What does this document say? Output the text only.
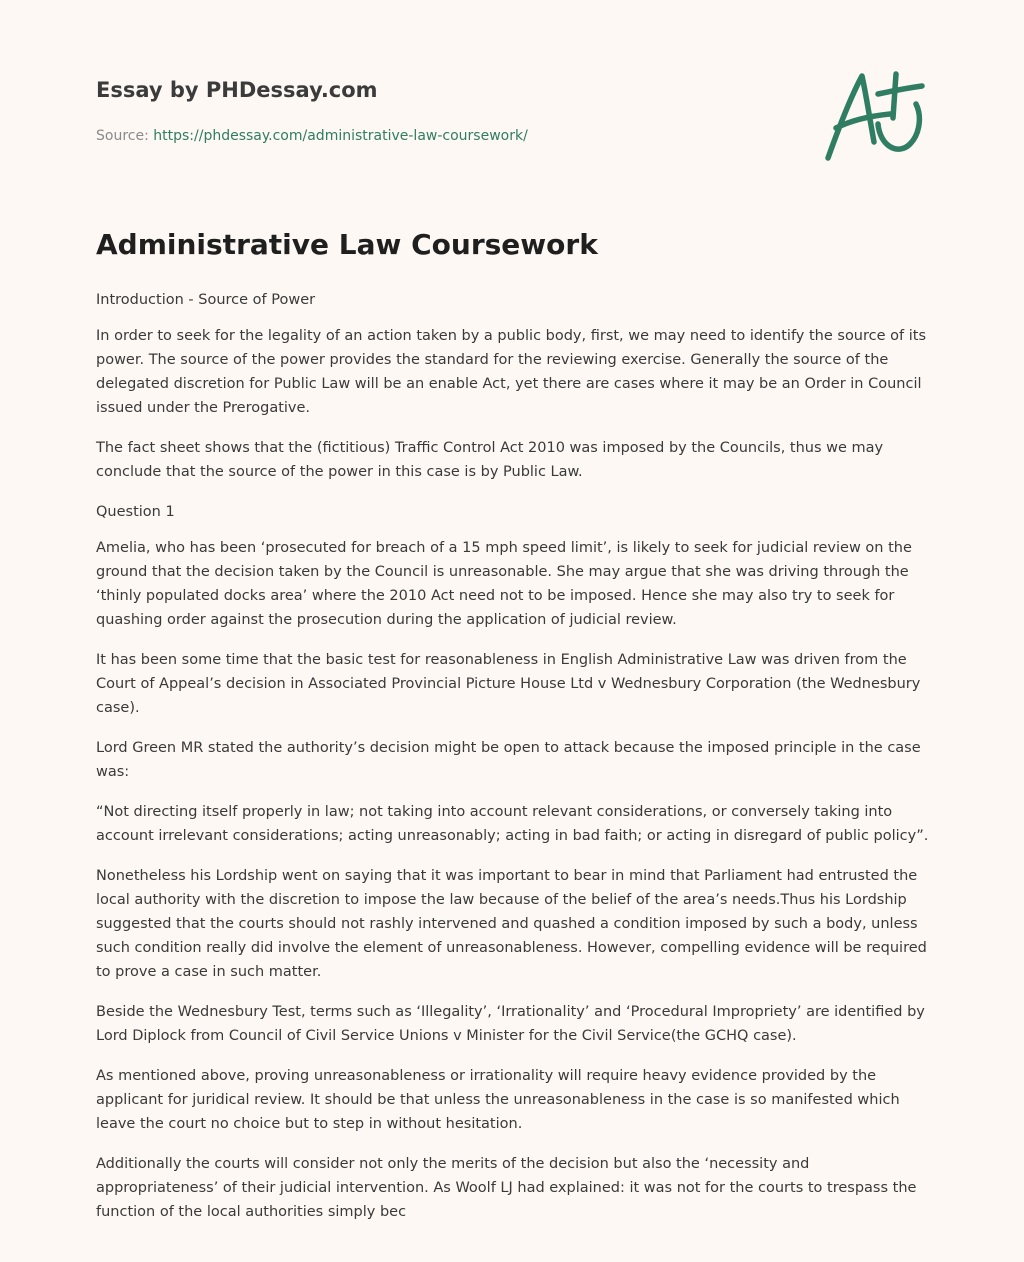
Essay by PHDessay.com
Source: https://phdessay.com/administrative-law-coursework/
Administrative Law Coursework

Introduction - Source of Power

In order to seek for the legality of an action taken by a public body, first, we may need to identify the source of its power. The source of the power provides the standard for the reviewing exercise. Generally the source of the delegated discretion for Public Law will be an enable Act, yet there are cases where it may be an Order in Council issued under the Prerogative.

The fact sheet shows that the (fictitious) Traffic Control Act 2010 was imposed by the Councils, thus we may conclude that the source of the power in this case is by Public Law.

Question 1

Amelia, who has been ‘prosecuted for breach of a 15 mph speed limit’, is likely to seek for judicial review on the ground that the decision taken by the Council is unreasonable. She may argue that she was driving through the ‘thinly populated docks area’ where the 2010 Act need not to be imposed. Hence she may also try to seek for quashing order against the prosecution during the application of judicial review.

It has been some time that the basic test for reasonableness in English Administrative Law was driven from the Court of Appeal’s decision in Associated Provincial Picture House Ltd v Wednesbury Corporation (the Wednesbury case).

Lord Green MR stated the authority’s decision might be open to attack because the imposed principle in the case was:

“Not directing itself properly in law; not taking into account relevant considerations, or conversely taking into account irrelevant considerations; acting unreasonably; acting in bad faith; or acting in disregard of public policy”.

Nonetheless his Lordship went on saying that it was important to bear in mind that Parliament had entrusted the local authority with the discretion to impose the law because of the belief of the area’s needs.Thus his Lordship suggested that the courts should not rashly intervened and quashed a condition imposed by such a body, unless such condition really did involve the element of unreasonableness. However, compelling evidence will be required to prove a case in such matter.

Beside the Wednesbury Test, terms such as ‘Illegality’, ‘Irrationality’ and ‘Procedural Impropriety’ are identified by Lord Diplock from Council of Civil Service Unions v Minister for the Civil Service(the GCHQ case).

As mentioned above, proving unreasonableness or irrationality will require heavy evidence provided by the applicant for juridical review. It should be that unless the unreasonableness in the case is so manifested which leave the court no choice but to step in without hesitation.

Additionally the courts will consider not only the merits of the decision but also the ‘necessity and appropriateness’ of their judicial intervention. As Woolf LJ had explained: it was not for the courts to trespass the function of the local authorities simply bec
